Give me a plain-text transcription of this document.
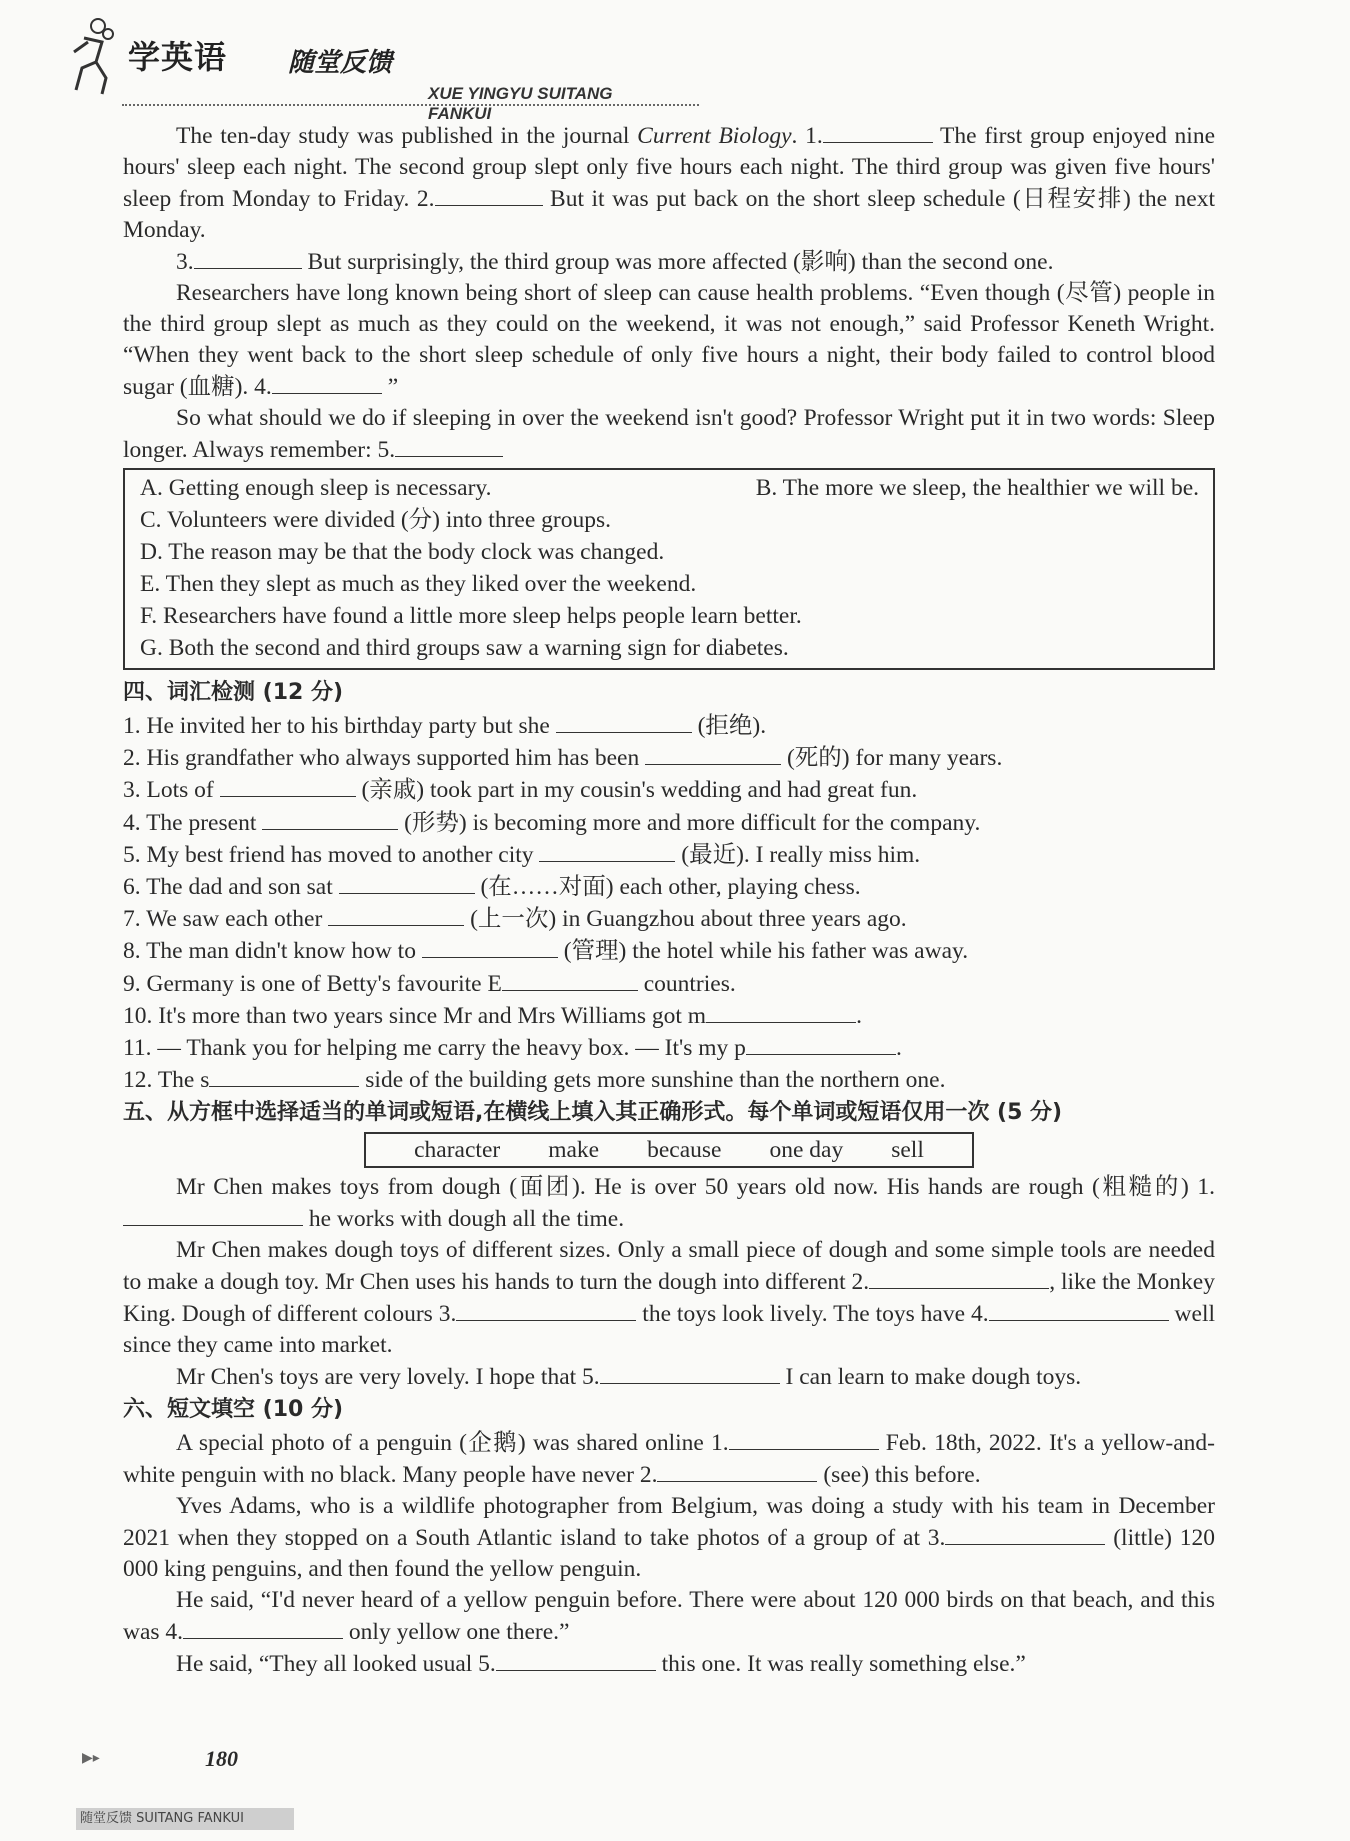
学英语 随堂反馈
XUE YINGYU SUITANG FANKUI

The ten-day study was published in the journal Current Biology. 1.	The first group enjoyed nine hours' sleep each night. The second group slept only five hours each night. The third group was given five hours' sleep from Monday to Friday. 2.	But it was put back on the short sleep schedule (日程安排) the next Monday.

3.	But surprisingly, the third group was more affected (影响) than the second one.

Researchers have long known being short of sleep can cause health problems. “Even though (尽管) people in the third group slept as much as they could on the weekend, it was not enough,” said Professor Keneth Wright. “When they went back to the short sleep schedule of only five hours a night, their body failed to control blood sugar (血糖). 4.	”

So what should we do if sleeping in over the weekend isn't good? Professor Wright put it in two words: Sleep longer. Always remember: 5.

A. Getting enough sleep is necessary.	B. The more we sleep, the healthier we will be.
C. Volunteers were divided (分) into three groups.
D. The reason may be that the body clock was changed.
E. Then they slept as much as they liked over the weekend.
F. Researchers have found a little more sleep helps people learn better.
G. Both the second and third groups saw a warning sign for diabetes.
四、词汇检测 (12 分)
1. He invited her to his birthday party but she	(拒绝).
2. His grandfather who always supported him has been	(死的) for many years.
3. Lots of	(亲戚) took part in my cousin's wedding and had great fun.
4. The present	(形势) is becoming more and more difficult for the company.
5. My best friend has moved to another city	(最近). I really miss him.
6. The dad and son sat	(在……对面) each other, playing chess.
7. We saw each other	(上一次) in Guangzhou about three years ago.
8. The man didn't know how to	(管理) the hotel while his father was away.
9. Germany is one of Betty's favourite E	countries.
10. It's more than two years since Mr and Mrs Williams got m	.
11. — Thank you for helping me carry the heavy box. — It's my p	.
12. The s	side of the building gets more sunshine than the northern one.
五、从方框中选择适当的单词或短语,在横线上填入其正确形式。每个单词或短语仅用一次 (5 分)
character	make	because	one day	sell

Mr Chen makes toys from dough (面团). He is over 50 years old now. His hands are rough (粗糙的) 1. he works with dough all the time.

Mr Chen makes dough toys of different sizes. Only a small piece of dough and some simple tools are needed to make a dough toy. Mr Chen uses his hands to turn the dough into different 2.	, like the Monkey King. Dough of different colours 3.	the toys look lively. The toys have 4.	well since they came into market.

Mr Chen's toys are very lovely. I hope that 5.	I can learn to make dough toys.

六、短文填空 (10 分)

A special photo of a penguin (企鹅) was shared online 1.	Feb. 18th, 2022. It's a yellow-and-white penguin with no black. Many people have never 2.	(see) this before.

Yves Adams, who is a wildlife photographer from Belgium, was doing a study with his team in December 2021 when they stopped on a South Atlantic island to take photos of a group of at 3.	(little) 120 000 king penguins, and then found the yellow penguin.

He said, “I'd never heard of a yellow penguin before. There were about 120 000 birds on that beach, and this was 4.	only yellow one there.”

He said, “They all looked usual 5.	this one. It was really something else.”

▶▸	180
随堂反馈 SUITANG FANKUI
